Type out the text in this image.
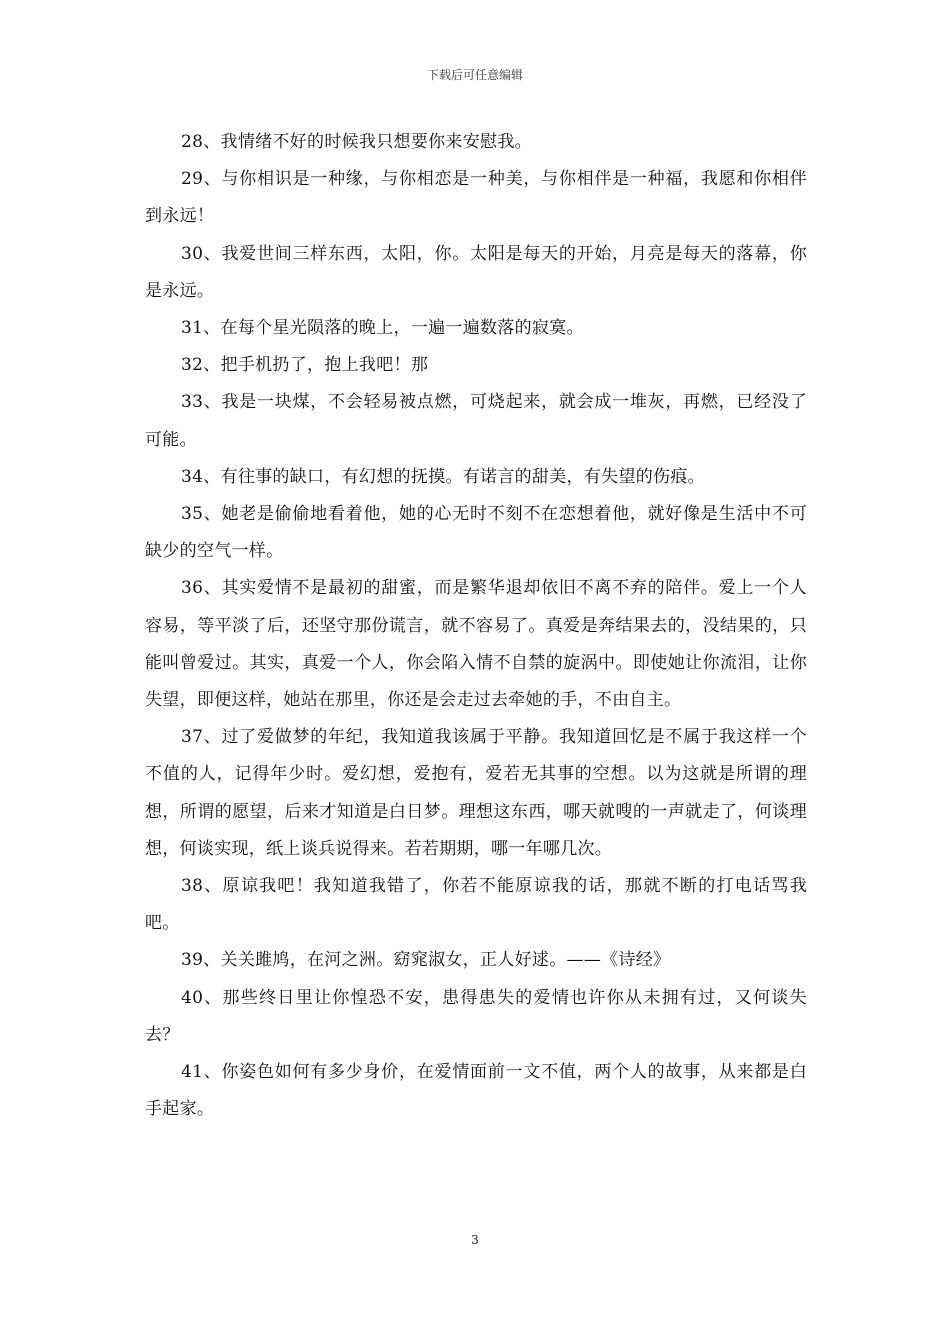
下载后可任意编辑

28、我情绪不好的时候我只想要你来安慰我。

29、与你相识是一种缘，与你相恋是一种美，与你相伴是一种福，我愿和你相伴到永远！

30、我爱世间三样东西，太阳，你。太阳是每天的开始，月亮是每天的落幕，你是永远。

31、在每个星光陨落的晚上，一遍一遍数落的寂寞。

32、把手机扔了，抱上我吧！那

33、我是一块煤，不会轻易被点燃，可烧起来，就会成一堆灰，再燃，已经没了可能。

34、有往事的缺口，有幻想的抚摸。有诺言的甜美，有失望的伤痕。

35、她老是偷偷地看着他，她的心无时不刻不在恋想着他，就好像是生活中不可缺少的空气一样。

36、其实爱情不是最初的甜蜜，而是繁华退却依旧不离不弃的陪伴。爱上一个人容易，等平淡了后，还坚守那份谎言，就不容易了。真爱是奔结果去的，没结果的，只能叫曾爱过。其实，真爱一个人，你会陷入情不自禁的旋涡中。即使她让你流泪，让你失望，即便这样，她站在那里，你还是会走过去牵她的手，不由自主。

37、过了爱做梦的年纪，我知道我该属于平静。我知道回忆是不属于我这样一个不值的人，记得年少时。爱幻想，爱抱有，爱若无其事的空想。以为这就是所谓的理想，所谓的愿望，后来才知道是白日梦。理想这东西，哪天就嗖的一声就走了，何谈理想，何谈实现，纸上谈兵说得来。若若期期，哪一年哪几次。

38、原谅我吧！我知道我错了，你若不能原谅我的话，那就不断的打电话骂我吧。

39、关关雎鸠，在河之洲。窈窕淑女，正人好逑。——《诗经》

40、那些终日里让你惶恐不安，患得患失的爱情也许你从未拥有过，又何谈失去？

41、你姿色如何有多少身价，在爱情面前一文不值，两个人的故事，从来都是白手起家。

3
